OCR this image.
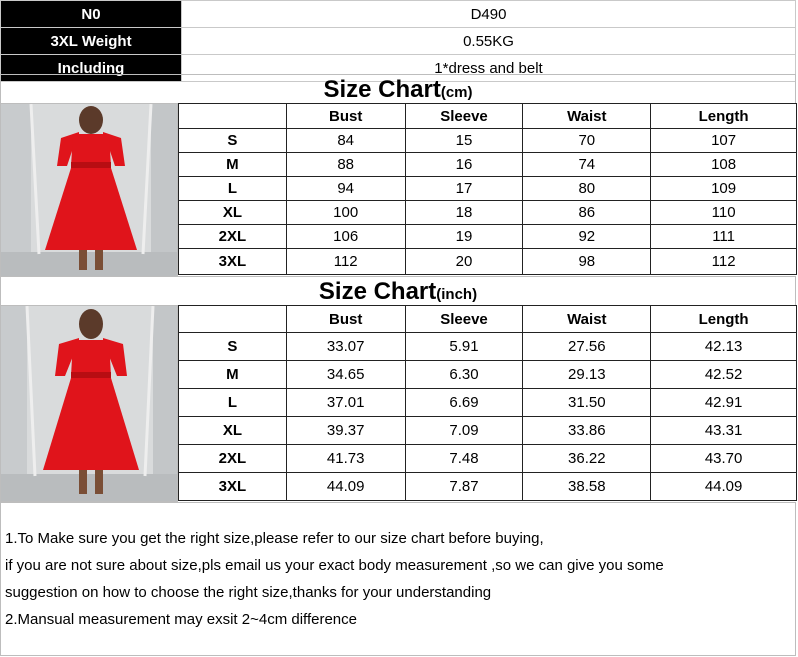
N0	D490
3XL Weight	0.55KG
Including	1*dress and belt
Size Chart(cm)
	Bust	Sleeve	Waist	Length
S	84	15	70	107
M	88	16	74	108
L	94	17	80	109
XL	100	18	86	110
2XL	106	19	92	111
3XL	112	20	98	112
Size Chart(inch)
	Bust	Sleeve	Waist	Length
S	33.07	5.91	27.56	42.13
M	34.65	6.30	29.13	42.52
L	37.01	6.69	31.50	42.91
XL	39.37	7.09	33.86	43.31
2XL	41.73	7.48	36.22	43.70
3XL	44.09	7.87	38.58	44.09

1.To Make sure you get the right size,please refer to our size chart before buying,

if you are not sure about size,pls email us your exact body measurement ,so we can give you some

suggestion on how to choose the right size,thanks for your understanding

2.Mansual measurement may exsit 2~4cm difference
